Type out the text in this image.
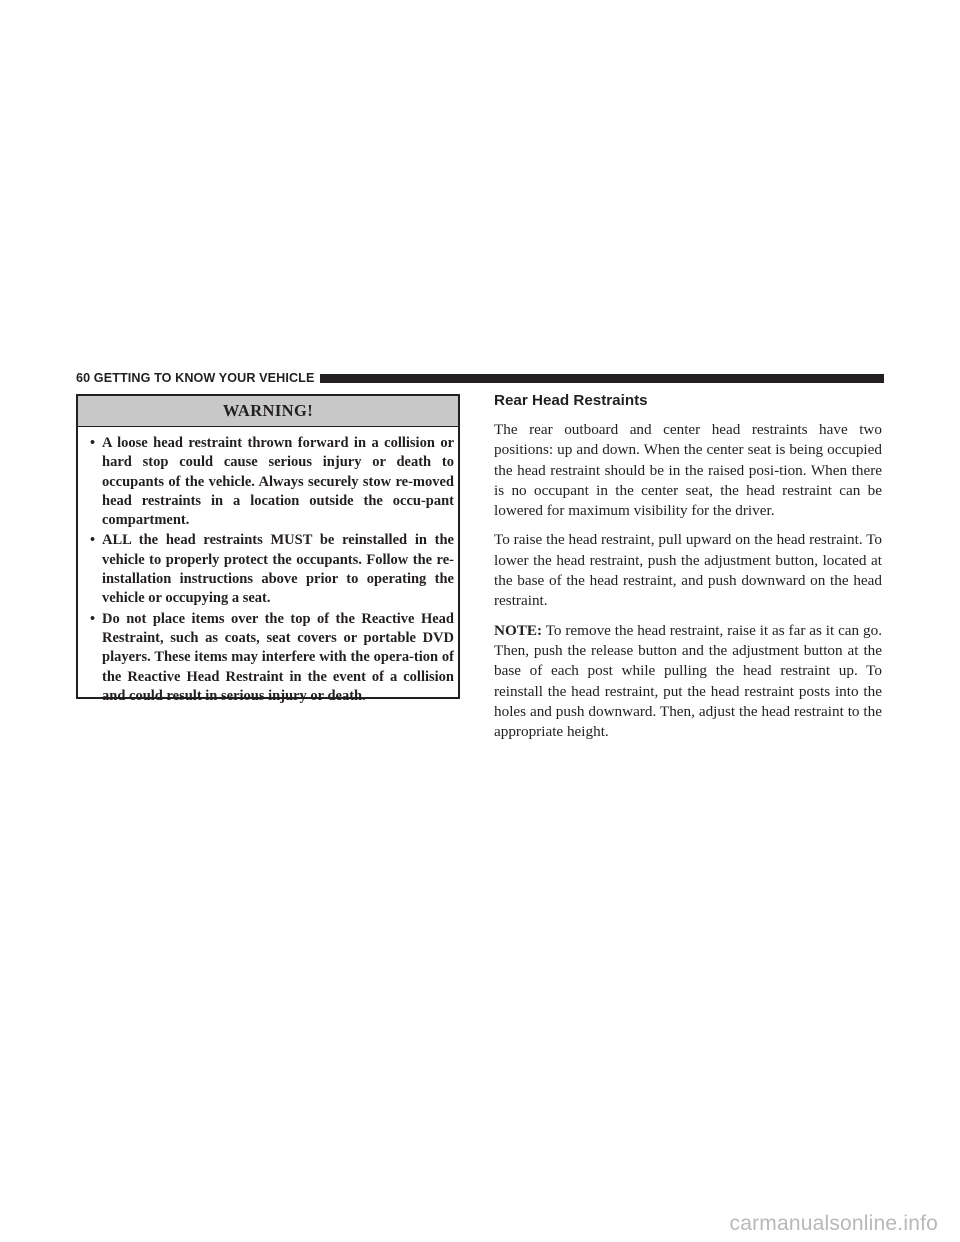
60 GETTING TO KNOW YOUR VEHICLE
WARNING!
• A loose head restraint thrown forward in a collision or hard stop could cause serious injury or death to occupants of the vehicle. Always securely stow re-moved head restraints in a location outside the occu-pant compartment.
• ALL the head restraints MUST be reinstalled in the vehicle to properly protect the occupants. Follow the re-installation instructions above prior to operating the vehicle or occupying a seat.
• Do not place items over the top of the Reactive Head Restraint, such as coats, seat covers or portable DVD players. These items may interfere with the opera-tion of the Reactive Head Restraint in the event of a collision and could result in serious injury or death.
Rear Head Restraints

The rear outboard and center head restraints have two positions: up and down. When the center seat is being occupied the head restraint should be in the raised posi-tion. When there is no occupant in the center seat, the head restraint can be lowered for maximum visibility for the driver.

To raise the head restraint, pull upward on the head restraint. To lower the head restraint, push the adjustment button, located at the base of the head restraint, and push downward on the head restraint.

NOTE: To remove the head restraint, raise it as far as it can go. Then, push the release button and the adjustment button at the base of each post while pulling the head restraint up. To reinstall the head restraint, put the head restraint posts into the holes and push downward. Then, adjust the head restraint to the appropriate height.

carmanualsonline.info
